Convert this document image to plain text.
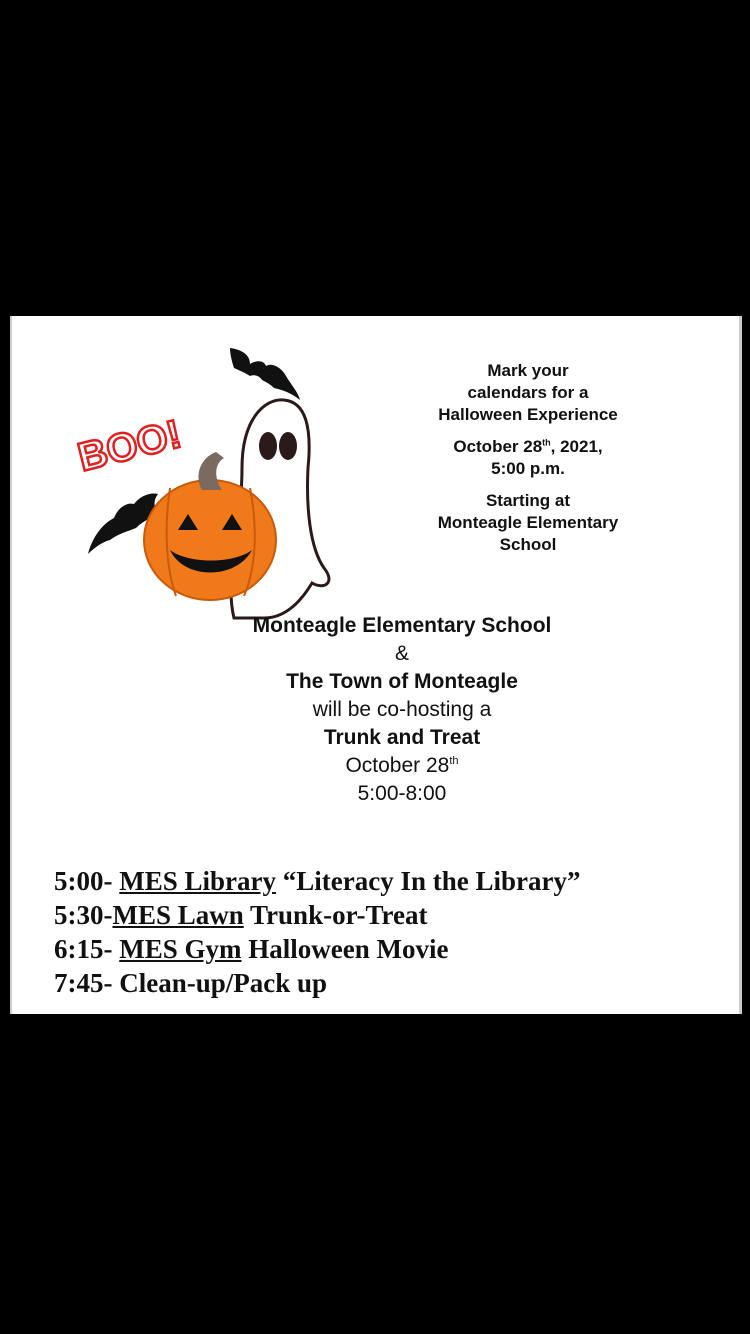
BOO!

Mark your
calendars for a
Halloween Experience

October 28th, 2021,
5:00 p.m.

Starting at
Monteagle Elementary
School

Monteagle Elementary School
&
The Town of Monteagle
will be co-hosting a
Trunk and Treat
October 28th
5:00-8:00
5:00- MES Library “Literacy In the Library”
5:30-MES Lawn Trunk-or-Treat
6:15- MES Gym Halloween Movie
7:45- Clean-up/Pack up
